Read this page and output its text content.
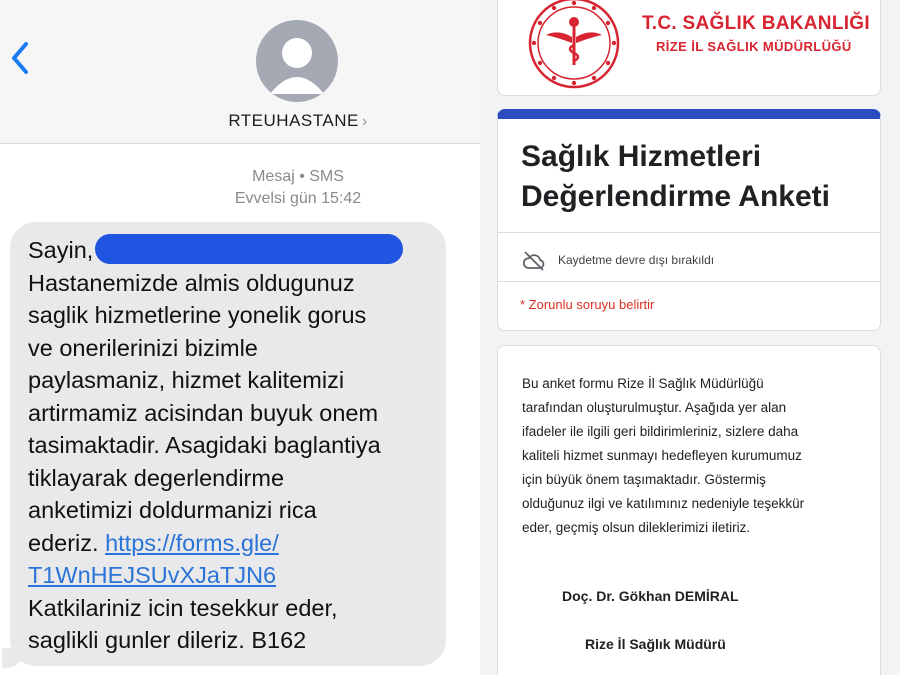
RTEUHASTANE ›
Mesaj • SMS
Evvelsi gün 15:42
Sayin,
Hastanemizde almis oldugunuz
saglik hizmetlerine yonelik gorus
ve onerilerinizi bizimle
paylasmaniz, hizmet kalitemizi
artirmamiz acisindan buyuk onem
tasimaktadir. Asagidaki baglantiya
tiklayarak degerlendirme
anketimizi doldurmanizi rica
ederiz. https://forms.gle/
T1WnHEJSUvXJaTJN6
Katkilariniz icin tesekkur eder,
saglikli gunler dileriz. B162
T.C. SAĞLIK BAKANLIĞI
RİZE İL SAĞLIK MÜDÜRLÜĞÜ
Sağlık Hizmetleri
Değerlendirme Anketi
Kaydetme devre dışı bırakıldı
* Zorunlu soruyu belirtir
Bu anket formu Rize İl Sağlık Müdürlüğü
tarafından oluşturulmuştur. Aşağıda yer alan
ifadeler ile ilgili geri bildirimleriniz, sizlere daha
kaliteli hizmet sunmayı hedefleyen kurumumuz
için büyük önem taşımaktadır. Göstermiş
olduğunuz ilgi ve katılımınız nedeniyle teşekkür
eder, geçmiş olsun dileklerimizi iletiriz.
Doç. Dr. Gökhan DEMİRAL
Rize İl Sağlık Müdürü
